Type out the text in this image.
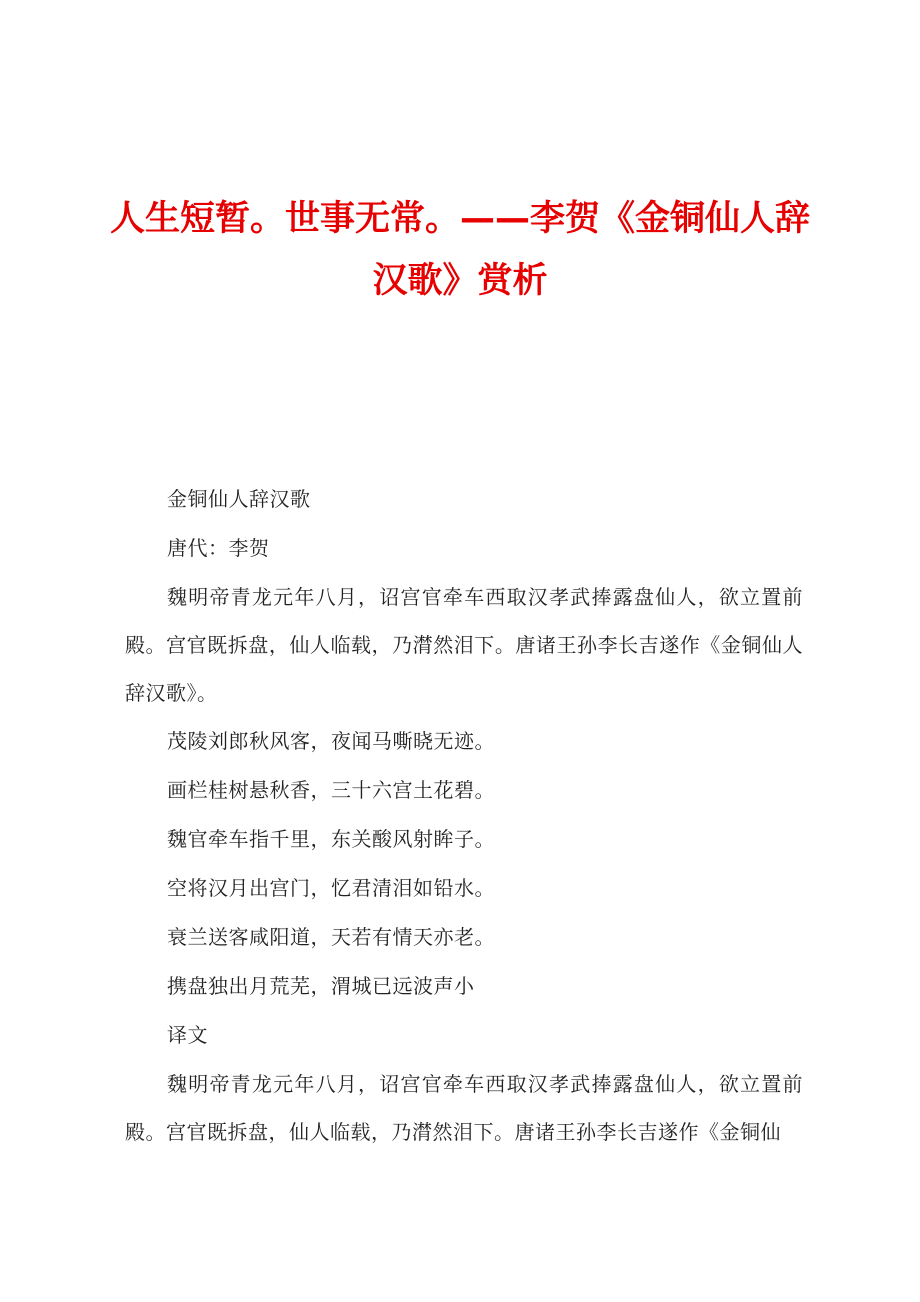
人生短暂。世事无常。——李贺《金铜仙人辞汉歌》赏析

金铜仙人辞汉歌

唐代：李贺

魏明帝青龙元年八月，诏宫官牵车西取汉孝武捧露盘仙人，欲立置前殿。宫官既拆盘，仙人临载，乃潸然泪下。唐诸王孙李长吉遂作《金铜仙人辞汉歌》。

茂陵刘郎秋风客，夜闻马嘶晓无迹。

画栏桂树悬秋香，三十六宫土花碧。

魏官牵车指千里，东关酸风射眸子。

空将汉月出宫门，忆君清泪如铅水。

衰兰送客咸阳道，天若有情天亦老。

携盘独出月荒芜，渭城已远波声小

译文

魏明帝青龙元年八月，诏宫官牵车西取汉孝武捧露盘仙人，欲立置前殿。宫官既拆盘，仙人临载，乃潸然泪下。唐诸王孙李长吉遂作《金铜仙
